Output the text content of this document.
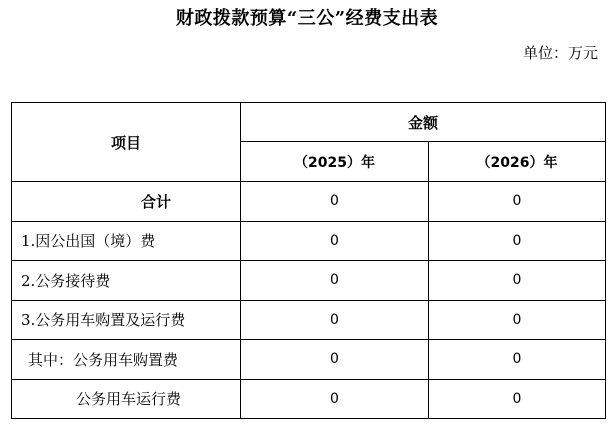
财政拨款预算“三公”经费支出表
单位：万元
项目	金额	
	（2025）年	（2026）年
合计	0	0
1.因公出国（境）费	0	0
2.公务接待费	0	0
3.公务用车购置及运行费	0	0
其中：公务用车购置费	0	0
公务用车运行费	0	0
